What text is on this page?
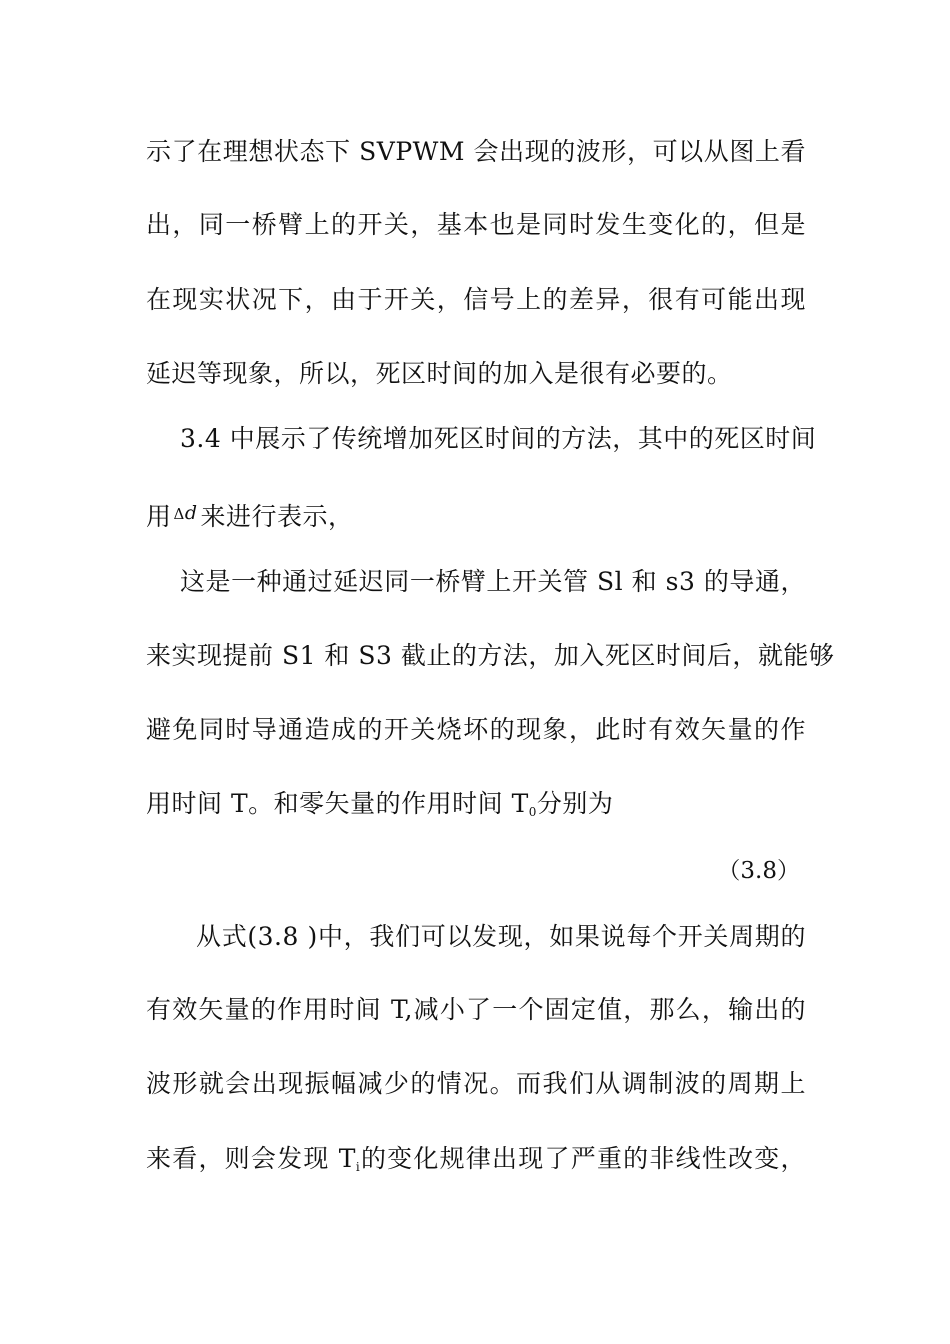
示了在理想状态下 SVPWM 会出现的波形，可以从图上看
出，同一桥臂上的开关，基本也是同时发生变化的，但是
在现实状况下，由于开关，信号上的差异，很有可能出现
延迟等现象，所以，死区时间的加入是很有必要的。
3.4 中展示了传统增加死区时间的方法，其中的死区时间
用 $^{\Delta d}$ 来进行表示，
这是一种通过延迟同一桥臂上开关管 Sl 和 s3 的导通，
来实现提前 S1 和 S3 截止的方法，加入死区时间后，就能够
避免同时导通造成的开关烧坏的现象，此时有效矢量的作
用时间 T。和零矢量的作用时间 $T_0$分别为
（3.8）
从式(3.8 )中，我们可以发现，如果说每个开关周期的
有效矢量的作用时间 T,减小了一个固定值，那么，输出的
波形就会出现振幅减少的情况。而我们从调制波的周期上
来看，则会发现 $T_i$的变化规律出现了严重的非线性改变，
